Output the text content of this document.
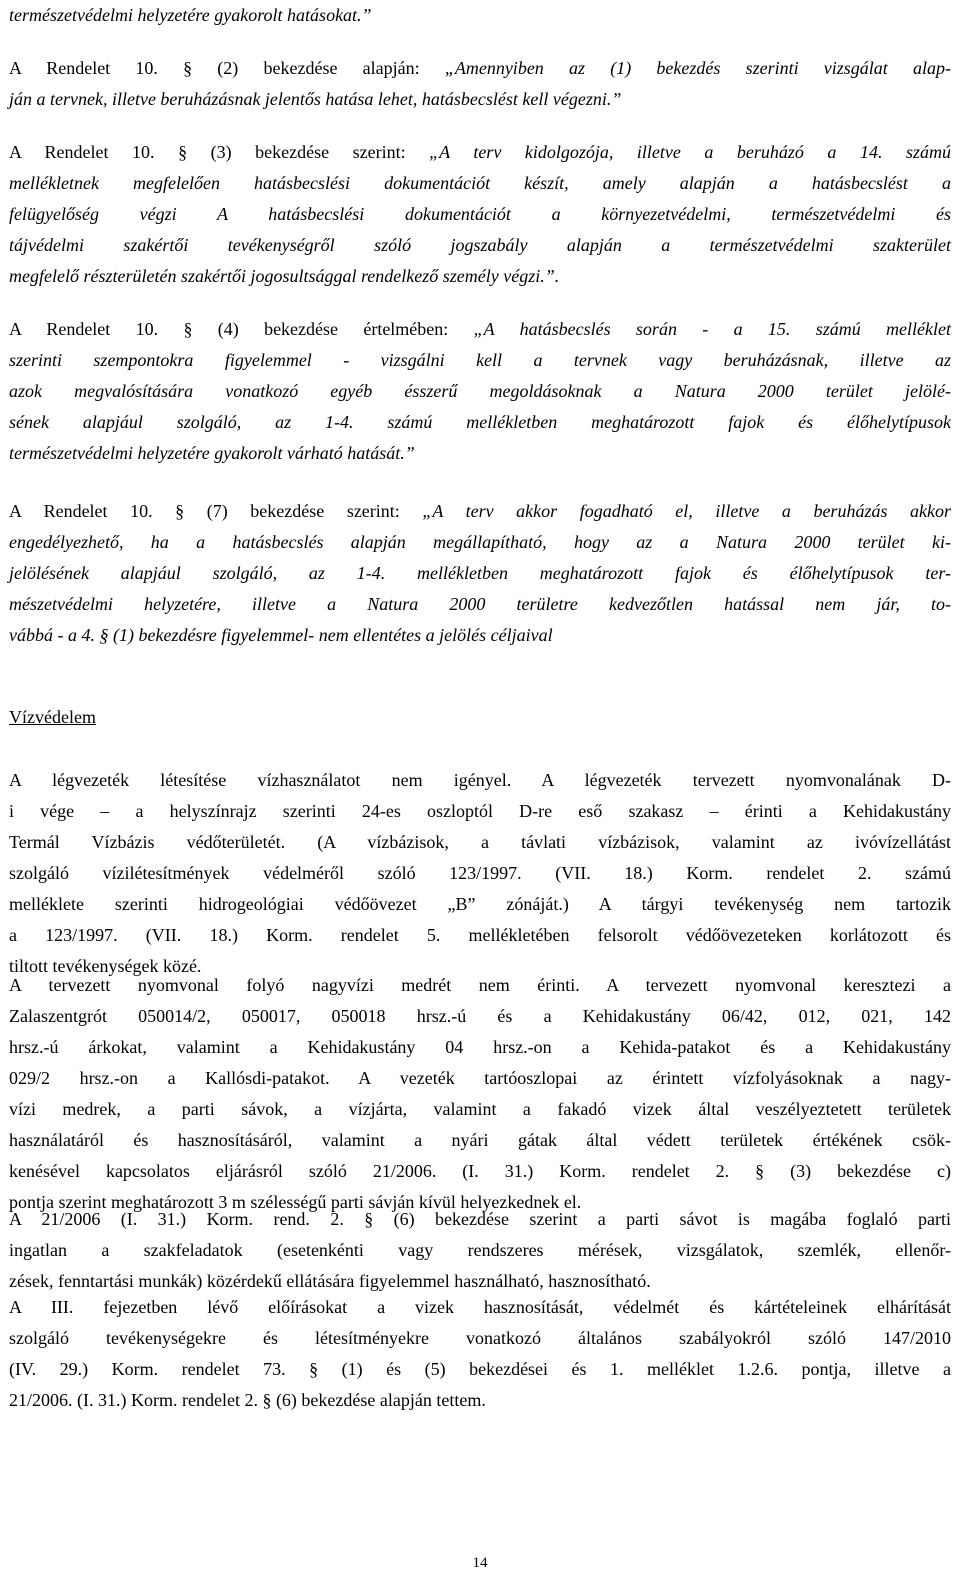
természetvédelmi helyzetére gyakorolt hatásokat.”
A Rendelet 10. § (2) bekezdése alapján: „Amennyiben az (1) bekezdés szerinti vizsgálat alap-
ján a tervnek, illetve beruházásnak jelentős hatása lehet, hatásbecslést kell végezni.”
A Rendelet 10. § (3) bekezdése szerint: „A terv kidolgozója, illetve a beruházó a 14. számú
mellékletnek megfelelően hatásbecslési dokumentációt készít, amely alapján a hatásbecslést a
felügyelőség végzi A hatásbecslési dokumentációt a környezetvédelmi, természetvédelmi és
tájvédelmi szakértői tevékenységről szóló jogszabály alapján a természetvédelmi szakterület
megfelelő részterületén szakértői jogosultsággal rendelkező személy végzi.”.
A Rendelet 10. § (4) bekezdése értelmében: „A hatásbecslés során - a 15. számú melléklet
szerinti szempontokra figyelemmel - vizsgálni kell a tervnek vagy beruházásnak, illetve az
azok megvalósítására vonatkozó egyéb ésszerű megoldásoknak a Natura 2000 terület jelölé-
sének alapjául szolgáló, az 1-4. számú mellékletben meghatározott fajok és élőhelytípusok
természetvédelmi helyzetére gyakorolt várható hatását.”
A Rendelet 10. § (7) bekezdése szerint: „A terv akkor fogadható el, illetve a beruházás akkor
engedélyezhető, ha a hatásbecslés alapján megállapítható, hogy az a Natura 2000 terület ki-
jelölésének alapjául szolgáló, az 1-4. mellékletben meghatározott fajok és élőhelytípusok ter-
mészetvédelmi helyzetére, illetve a Natura 2000 területre kedvezőtlen hatással nem jár, to-
vábbá - a 4. § (1) bekezdésre figyelemmel- nem ellentétes a jelölés céljaival
A légvezeték létesítése vízhasználatot nem igényel. A légvezeték tervezett nyomvonalának D-
i vége – a helyszínrajz szerinti 24-es oszloptól D-re eső szakasz – érinti a Kehidakustány
Termál Vízbázis védőterületét. (A vízbázisok, a távlati vízbázisok, valamint az ivóvízellátást
szolgáló vízilétesítmények védelméről szóló 123/1997. (VII. 18.) Korm. rendelet 2. számú
melléklete szerinti hidrogeológiai védőövezet „B” zónáját.) A tárgyi tevékenység nem tartozik
a 123/1997. (VII. 18.) Korm. rendelet 5. mellékletében felsorolt védőövezeteken korlátozott és
tiltott tevékenységek közé.
A tervezett nyomvonal folyó nagyvízi medrét nem érinti. A tervezett nyomvonal keresztezi a
Zalaszentgrót 050014/2, 050017, 050018 hrsz.-ú és a Kehidakustány 06/42, 012, 021, 142
hrsz.-ú árkokat, valamint a Kehidakustány 04 hrsz.-on a Kehida-patakot és a Kehidakustány
029/2 hrsz.-on a Kallósdi-patakot. A vezeték tartóoszlopai az érintett vízfolyásoknak a nagy-
vízi medrek, a parti sávok, a vízjárta, valamint a fakadó vizek által veszélyeztetett területek
használatáról és hasznosításáról, valamint a nyári gátak által védett területek értékének csök-
kenésével kapcsolatos eljárásról szóló 21/2006. (I. 31.) Korm. rendelet 2. § (3) bekezdése c)
pontja szerint meghatározott 3 m szélességű parti sávján kívül helyezkednek el.
A 21/2006 (I. 31.) Korm. rend. 2. § (6) bekezdése szerint a parti sávot is magába foglaló parti
ingatlan a szakfeladatok (esetenkénti vagy rendszeres mérések, vizsgálatok, szemlék, ellenőr-
zések, fenntartási munkák) közérdekű ellátására figyelemmel használható, hasznosítható.
A III. fejezetben lévő előírásokat a vizek hasznosítását, védelmét és kártételeinek elhárítását
szolgáló tevékenységekre és létesítményekre vonatkozó általános szabályokról szóló 147/2010
(IV. 29.) Korm. rendelet 73. § (1) és (5) bekezdései és 1. melléklet 1.2.6. pontja, illetve a
21/2006. (I. 31.) Korm. rendelet 2. § (6) bekezdése alapján tettem.
Vízvédelem
14
